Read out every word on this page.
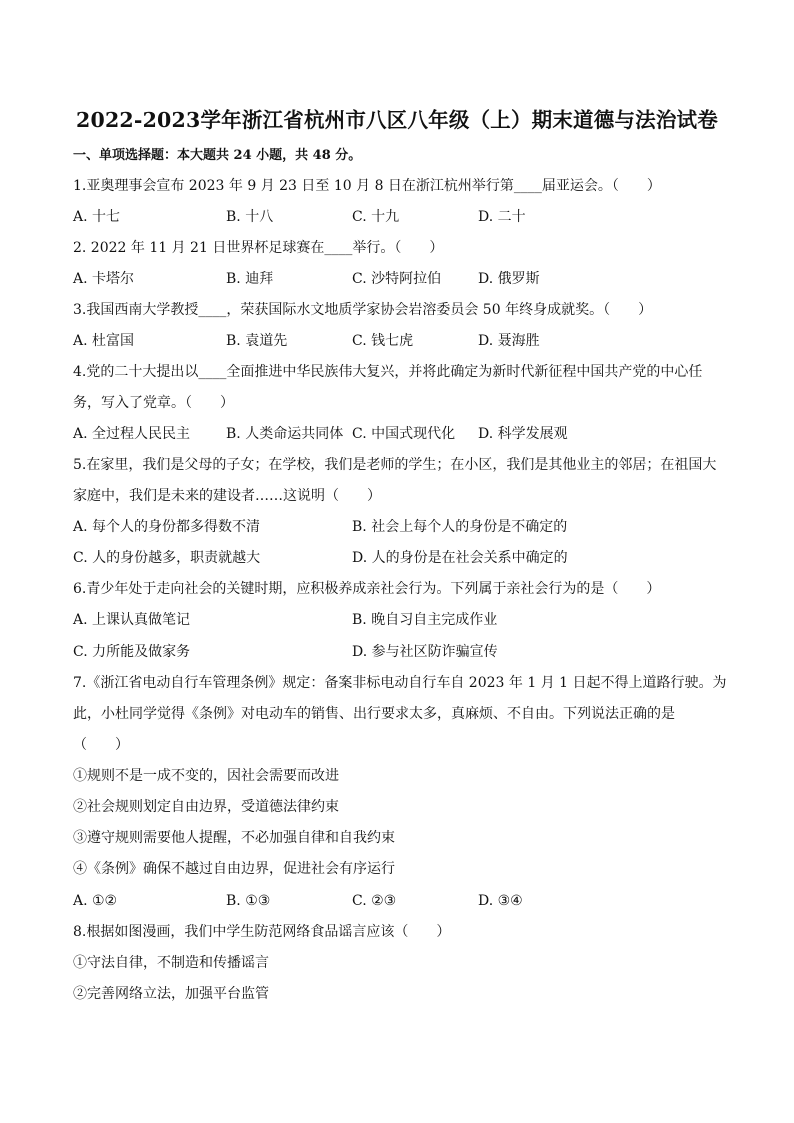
2022-2023学年浙江省杭州市八区八年级（上）期末道德与法治试卷
一、单项选择题：本大题共 24 小题，共 48 分。
1.亚奥理事会宣布 2023 年 9 月 23 日至 10 月 8 日在浙江杭州举行第____届亚运会。（　　）
A. 十七	B. 十八	C. 十九	D. 二十
2. 2022 年 11 月 21 日世界杯足球赛在____举行。（　　）
A. 卡塔尔	B. 迪拜	C. 沙特阿拉伯	D. 俄罗斯
3.我国西南大学教授____，荣获国际水文地质学家协会岩溶委员会 50 年终身成就奖。（　　）
A. 杜富国	B. 袁道先	C. 钱七虎	D. 聂海胜
4.党的二十大提出以____全面推进中华民族伟大复兴，并将此确定为新时代新征程中国共产党的中心任
务，写入了党章。（　　）
A. 全过程人民民主	B. 人类命运共同体 C. 中国式现代化 D. 科学发展观
5.在家里，我们是父母的子女；在学校，我们是老师的学生；在小区，我们是其他业主的邻居；在祖国大
家庭中，我们是未来的建设者……这说明（　　）
A. 每个人的身份都多得数不清	B. 社会上每个人的身份是不确定的
C. 人的身份越多，职责就越大	D. 人的身份是在社会关系中确定的
6.青少年处于走向社会的关键时期，应积极养成亲社会行为。下列属于亲社会行为的是（　　）
A. 上课认真做笔记	B. 晚自习自主完成作业
C. 力所能及做家务	D. 参与社区防诈骗宣传
7.《浙江省电动自行车管理条例》规定：备案非标电动自行车自 2023 年 1 月 1 日起不得上道路行驶。为
此，小杜同学觉得《条例》对电动车的销售、出行要求太多，真麻烦、不自由。下列说法正确的是
（　　）
①规则不是一成不变的，因社会需要而改进
②社会规则划定自由边界，受道德法律约束
③遵守规则需要他人提醒，不必加强自律和自我约束
④《条例》确保不越过自由边界，促进社会有序运行
A. ①②	B. ①③	C. ②③	D. ③④
8.根据如图漫画，我们中学生防范网络食品谣言应该（　　）
①守法自律，不制造和传播谣言
②完善网络立法，加强平台监管
